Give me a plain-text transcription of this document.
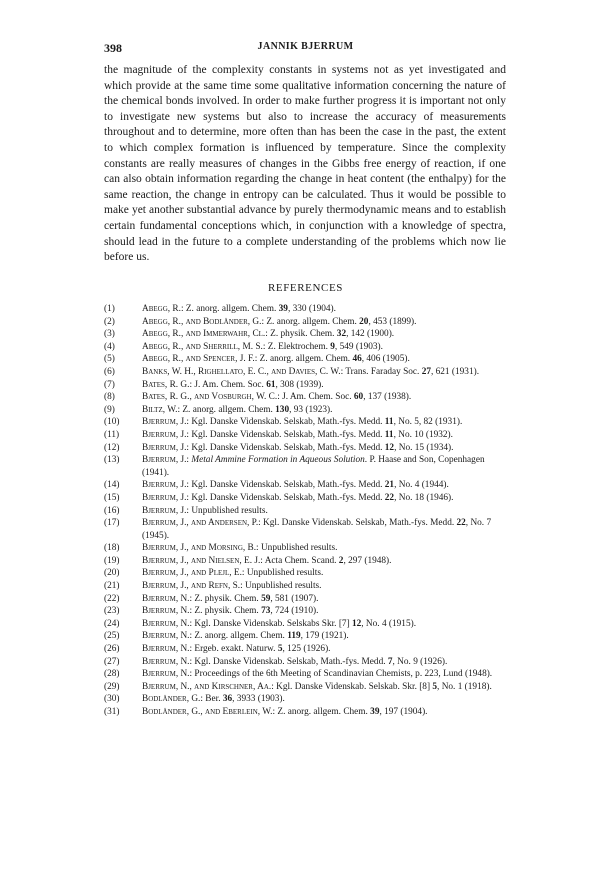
398	JANNIK BJERRUM

the magnitude of the complexity constants in systems not as yet investigated and which provide at the same time some qualitative information concerning the nature of the chemical bonds involved. In order to make further progress it is important not only to investigate new systems but also to increase the accuracy of measurements throughout and to determine, more often than has been the case in the past, the extent to which complex formation is influenced by temperature. Since the complexity constants are really measures of changes in the Gibbs free energy of reaction, if one can also obtain information regarding the change in heat content (the enthalpy) for the same reaction, the change in entropy can be calculated. Thus it would be possible to make yet another substantial advance by purely thermodynamic means and to establish certain fundamental conceptions which, in conjunction with a knowledge of spectra, should lead in the future to a complete understanding of the problems which now lie before us.

REFERENCES
(1)	Abegg, R.: Z. anorg. allgem. Chem. 39, 330 (1904).
(2)	Abegg, R., and Bodländer, G.: Z. anorg. allgem. Chem. 20, 453 (1899).
(3)	Abegg, R., and Immerwahr, Cl.: Z. physik. Chem. 32, 142 (1900).
(4)	Abegg, R., and Sherrill, M. S.: Z. Elektrochem. 9, 549 (1903).
(5)	Abegg, R., and Spencer, J. F.: Z. anorg. allgem. Chem. 46, 406 (1905).
(6)	Banks, W. H., Righellato, E. C., and Davies, C. W.: Trans. Faraday Soc. 27, 621 (1931).
(7)	Bates, R. G.: J. Am. Chem. Soc. 61, 308 (1939).
(8)	Bates, R. G., and Vosburgh, W. C.: J. Am. Chem. Soc. 60, 137 (1938).
(9)	Biltz, W.: Z. anorg. allgem. Chem. 130, 93 (1923).
(10) Bjerrum, J.: Kgl. Danske Videnskab. Selskab, Math.-fys. Medd. 11, No. 5, 82 (1931).
(11) Bjerrum, J.: Kgl. Danske Videnskab. Selskab, Math.-fys. Medd. 11, No. 10 (1932).
(12) Bjerrum, J.: Kgl. Danske Videnskab. Selskab, Math.-fys. Medd. 12, No. 15 (1934).
(13) Bjerrum, J.: Metal Ammine Formation in Aqueous Solution. P. Haase and Son, Copenhagen (1941).
(14) Bjerrum, J.: Kgl. Danske Videnskab. Selskab, Math.-fys. Medd. 21, No. 4 (1944).
(15) Bjerrum, J.: Kgl. Danske Videnskab. Selskab, Math.-fys. Medd. 22, No. 18 (1946).
(16) Bjerrum, J.: Unpublished results.
(17) Bjerrum, J., and Andersen, P.: Kgl. Danske Videnskab. Selskab, Math.-fys. Medd. 22, No. 7 (1945).
(18) Bjerrum, J., and Morsing, B.: Unpublished results.
(19) Bjerrum, J., and Nielsen, E. J.: Acta Chem. Scand. 2, 297 (1948).
(20) Bjerrum, J., and Plejl, E.: Unpublished results.
(21) Bjerrum, J., and Refn, S.: Unpublished results.
(22) Bjerrum, N.: Z. physik. Chem. 59, 581 (1907).
(23) Bjerrum, N.: Z. physik. Chem. 73, 724 (1910).
(24) Bjerrum, N.: Kgl. Danske Videnskab. Selskabs Skr. [7] 12, No. 4 (1915).
(25) Bjerrum, N.: Z. anorg. allgem. Chem. 119, 179 (1921).
(26) Bjerrum, N.: Ergeb. exakt. Naturw. 5, 125 (1926).
(27) Bjerrum, N.: Kgl. Danske Videnskab. Selskab, Math.-fys. Medd. 7, No. 9 (1926).
(28) Bjerrum, N.: Proceedings of the 6th Meeting of Scandinavian Chemists, p. 223, Lund (1948).
(29) Bjerrum, N., and Kirschner, Aa.: Kgl. Danske Videnskab. Selskab. Skr. [8] 5, No. 1 (1918).
(30) Bodländer, G.: Ber. 36, 3933 (1903).
(31) Bodländer, G., and Eberlein, W.: Z. anorg. allgem. Chem. 39, 197 (1904).
